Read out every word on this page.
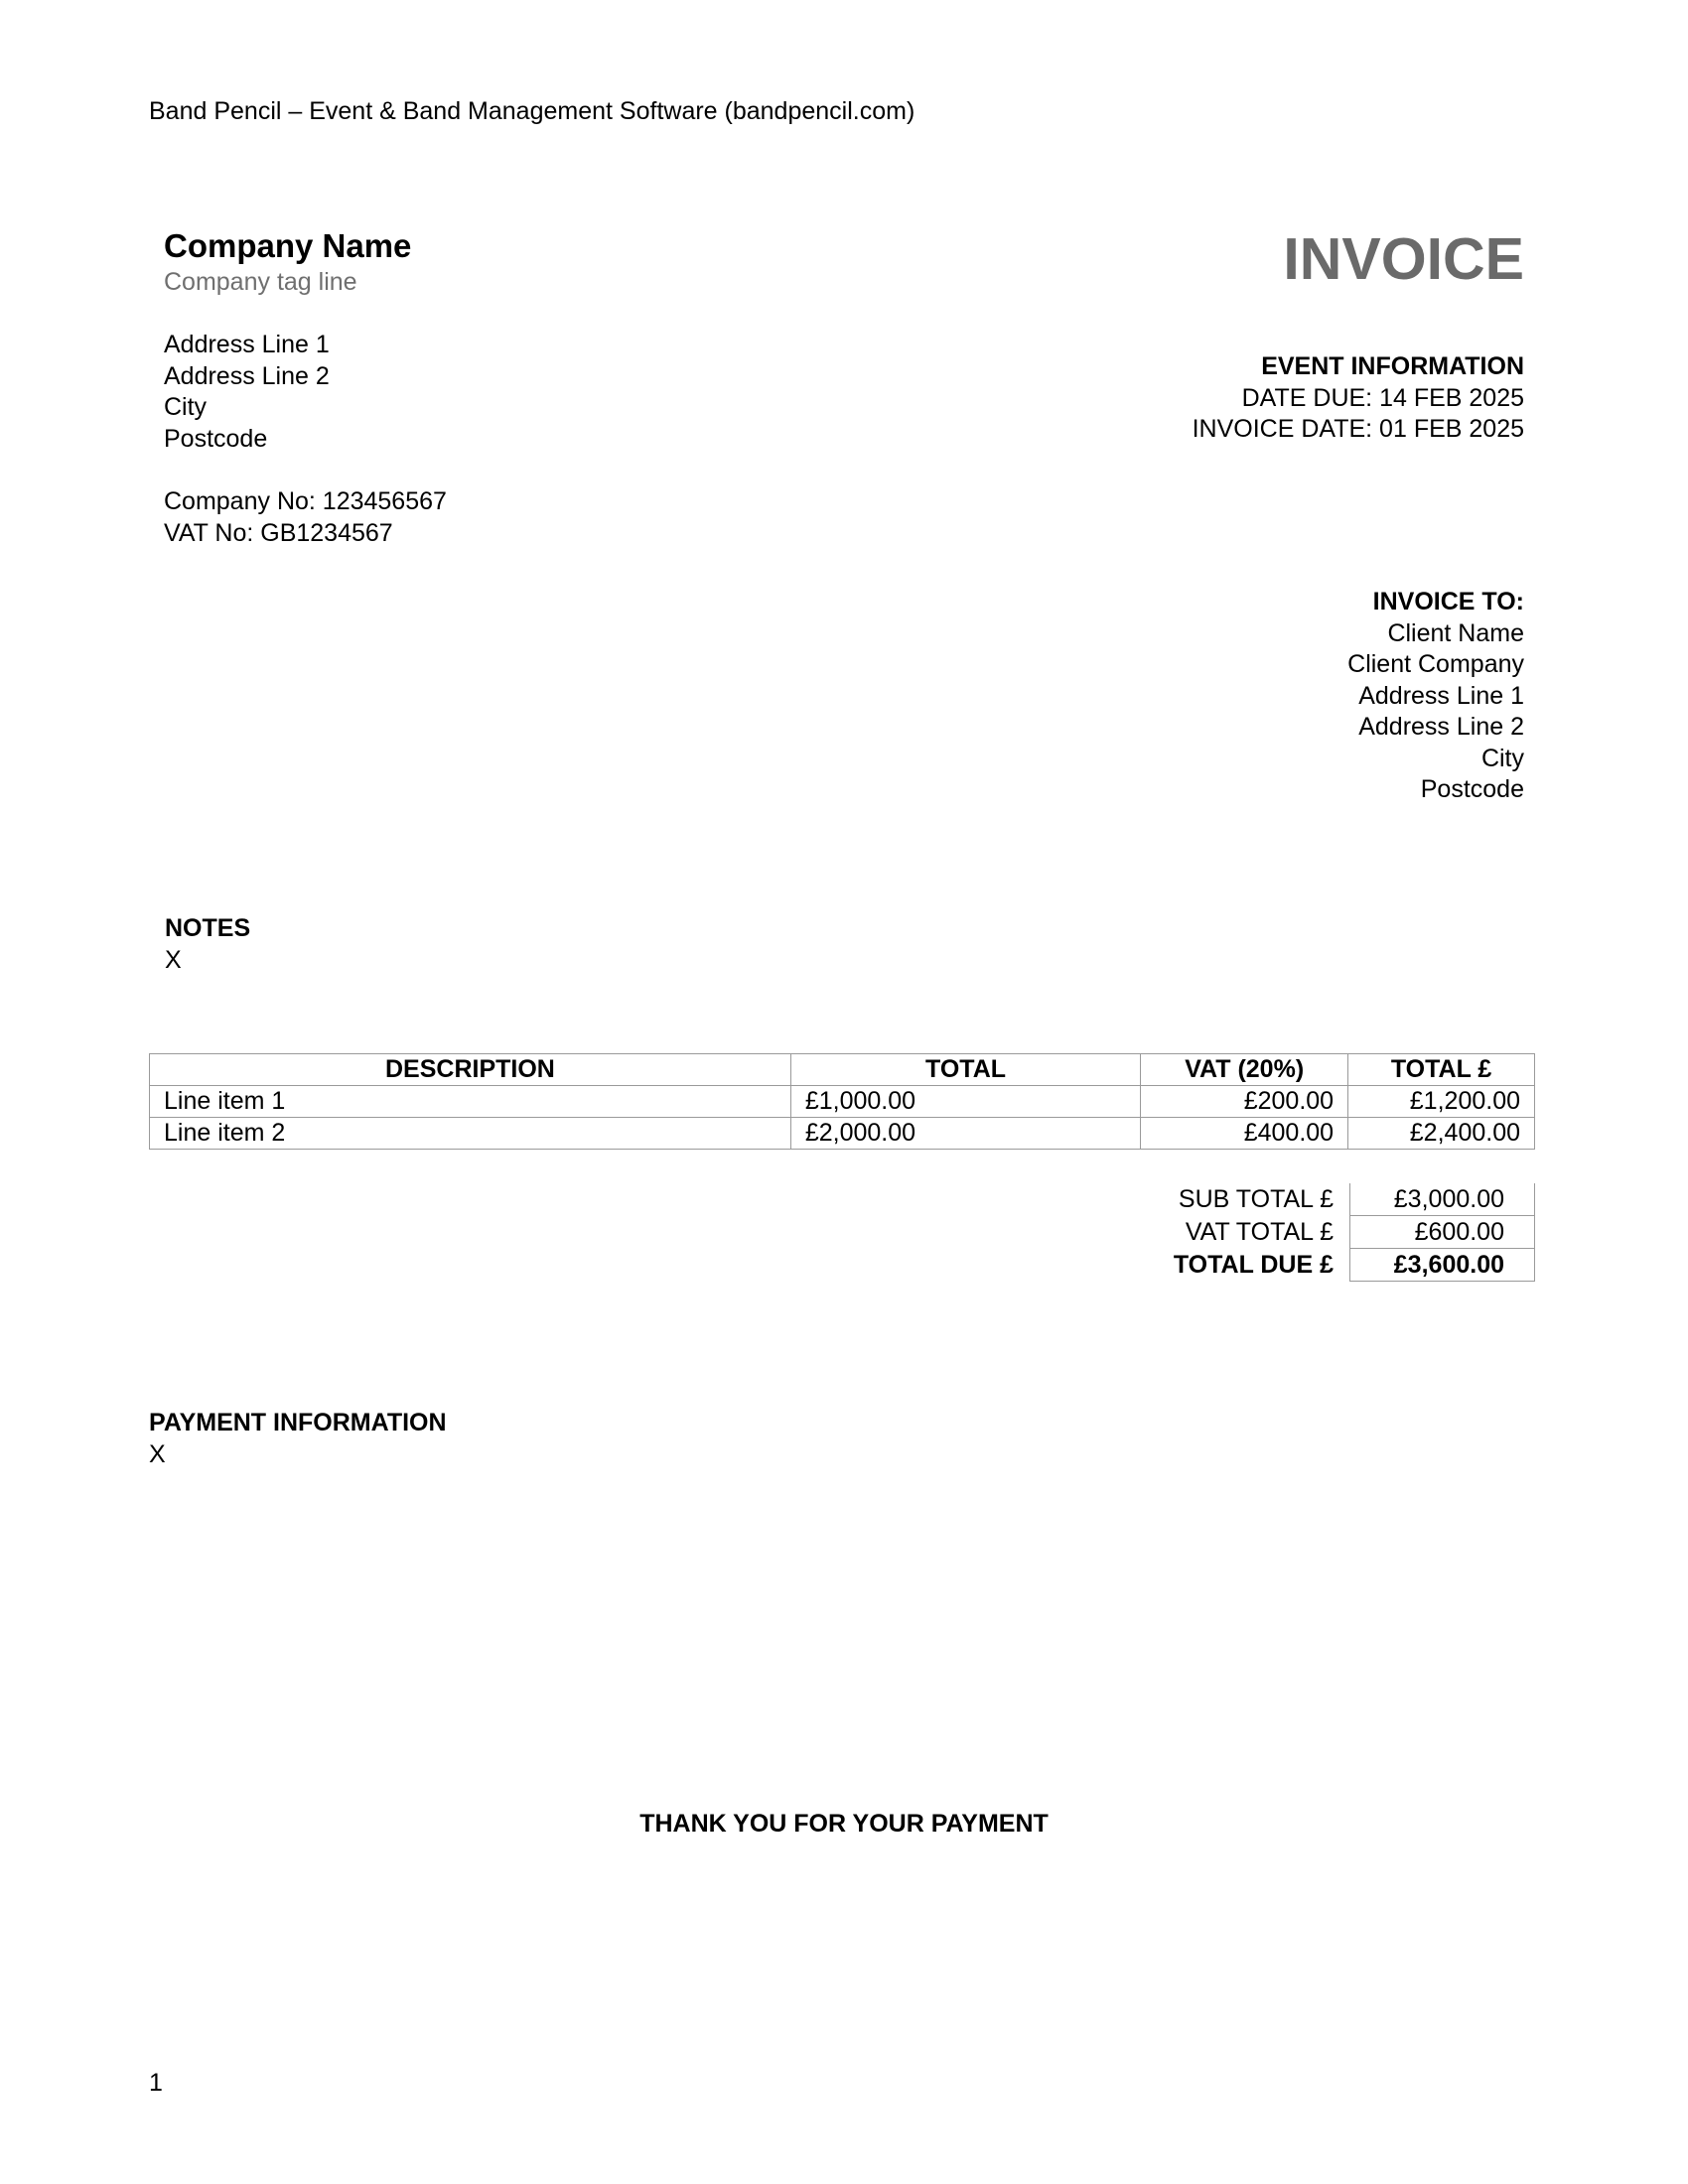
Band Pencil – Event & Band Management Software (bandpencil.com)
Company Name
Company tag line
Address Line 1
Address Line 2
City
Postcode
Company No: 123456567
VAT No: GB1234567
INVOICE
EVENT INFORMATION
DATE DUE: 14 FEB 2025
INVOICE DATE: 01 FEB 2025
INVOICE TO:
Client Name
Client Company
Address Line 1
Address Line 2
City
Postcode
NOTES
X
DESCRIPTION	TOTAL	VAT (20%)	TOTAL £
Line item 1	£1,000.00	£200.00	£1,200.00
Line item 2	£2,000.00	£400.00	£2,400.00
SUB TOTAL £	£3,000.00
VAT TOTAL £	£600.00
TOTAL DUE £	£3,600.00
PAYMENT INFORMATION
X
THANK YOU FOR YOUR PAYMENT
1
